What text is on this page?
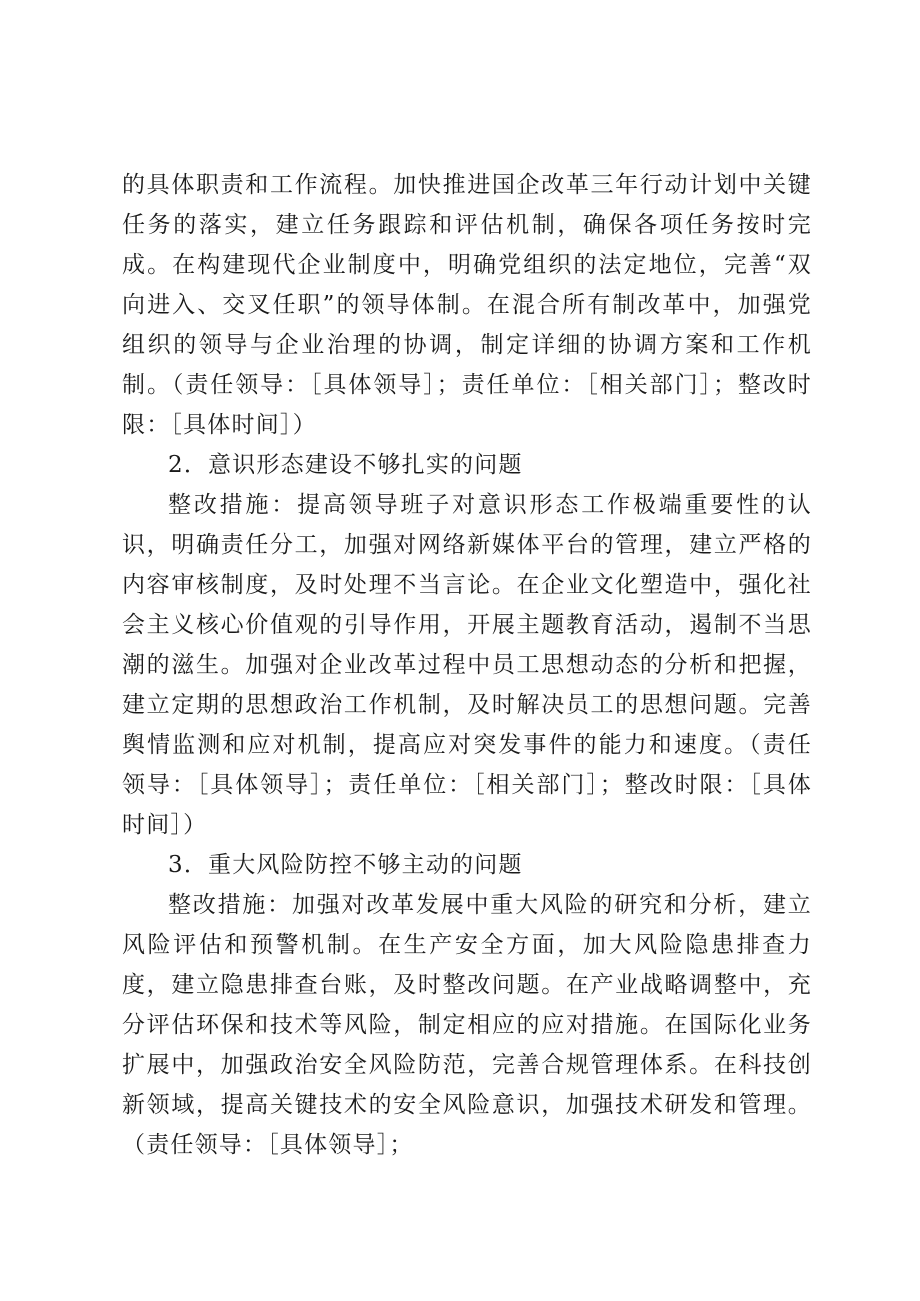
的具体职责和工作流程。加快推进国企改革三年行动计划中关键任务的落实，建立任务跟踪和评估机制，确保各项任务按时完成。在构建现代企业制度中，明确党组织的法定地位，完善“双向进入、交叉任职”的领导体制。在混合所有制改革中，加强党组织的领导与企业治理的协调，制定详细的协调方案和工作机制。（责任领导：［具体领导］；责任单位：［相关部门］；整改时限：［具体时间］）

2．意识形态建设不够扎实的问题

整改措施：提高领导班子对意识形态工作极端重要性的认识，明确责任分工，加强对网络新媒体平台的管理，建立严格的内容审核制度，及时处理不当言论。在企业文化塑造中，强化社会主义核心价值观的引导作用，开展主题教育活动，遏制不当思潮的滋生。加强对企业改革过程中员工思想动态的分析和把握，建立定期的思想政治工作机制，及时解决员工的思想问题。完善舆情监测和应对机制，提高应对突发事件的能力和速度。（责任领导：［具体领导］；责任单位：［相关部门］；整改时限：［具体时间］）

3．重大风险防控不够主动的问题

整改措施：加强对改革发展中重大风险的研究和分析，建立风险评估和预警机制。在生产安全方面，加大风险隐患排查力度，建立隐患排查台账，及时整改问题。在产业战略调整中，充分评估环保和技术等风险，制定相应的应对措施。在国际化业务扩展中，加强政治安全风险防范，完善合规管理体系。在科技创新领域，提高关键技术的安全风险意识，加强技术研发和管理。（责任领导：［具体领导］；
